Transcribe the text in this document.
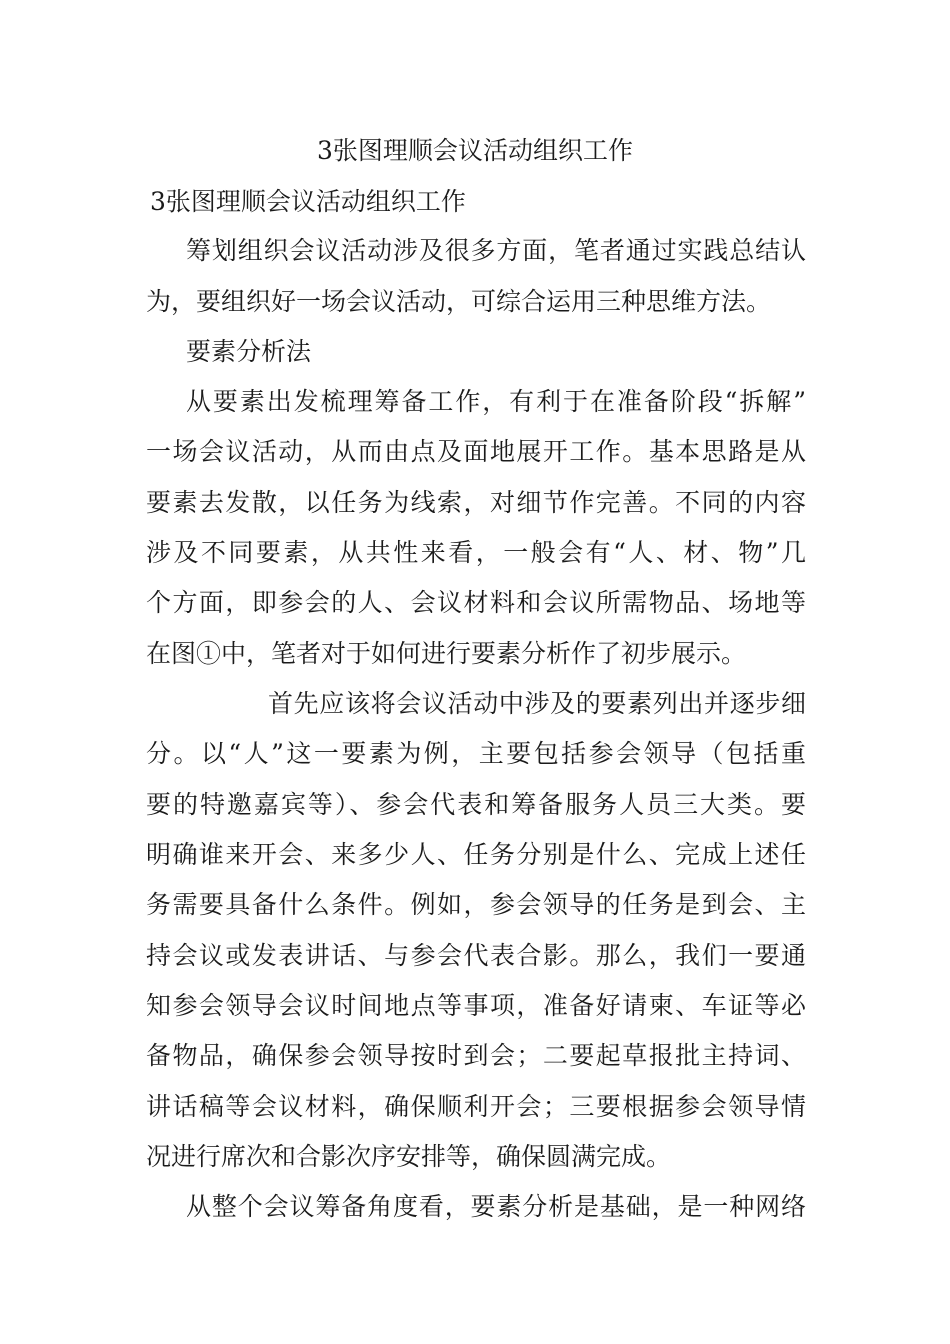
3张图理顺会议活动组织工作
3张图理顺会议活动组织工作
筹划组织会议活动涉及很多方面，笔者通过实践总结认
为，要组织好一场会议活动，可综合运用三种思维方法。
要素分析法
从要素出发梳理筹备工作，有利于在准备阶段“拆解”
一场会议活动，从而由点及面地展开工作。基本思路是从
要素去发散，以任务为线索，对细节作完善。不同的内容
涉及不同要素，从共性来看，一般会有“人、材、物”几
个方面，即参会的人、会议材料和会议所需物品、场地等
在图①中，笔者对于如何进行要素分析作了初步展示。
首先应该将会议活动中涉及的要素列出并逐步细
分。以“人”这一要素为例，主要包括参会领导（包括重
要的特邀嘉宾等）、参会代表和筹备服务人员三大类。要
明确谁来开会、来多少人、任务分别是什么、完成上述任
务需要具备什么条件。例如，参会领导的任务是到会、主
持会议或发表讲话、与参会代表合影。那么，我们一要通
知参会领导会议时间地点等事项，准备好请柬、车证等必
备物品，确保参会领导按时到会；二要起草报批主持词、
讲话稿等会议材料，确保顺利开会；三要根据参会领导情
况进行席次和合影次序安排等，确保圆满完成。
从整个会议筹备角度看，要素分析是基础，是一种网络
